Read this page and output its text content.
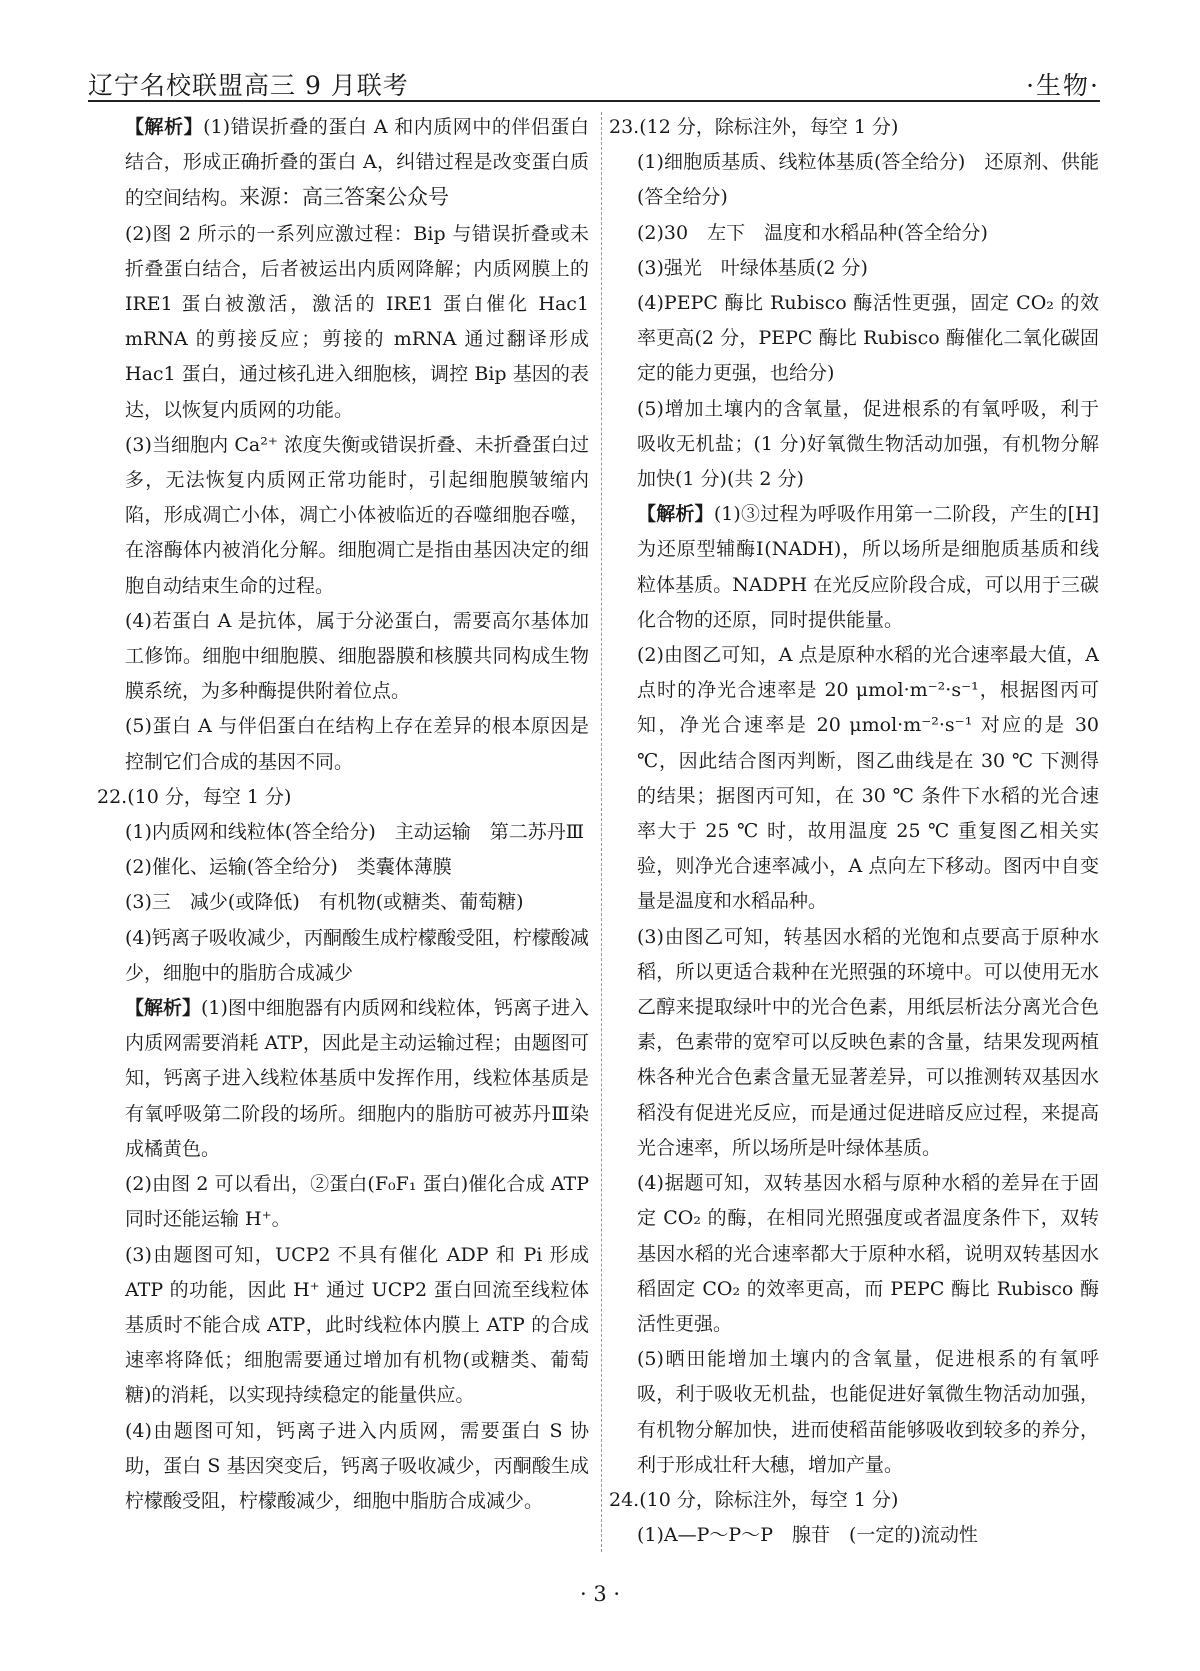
辽宁名校联盟高三 9 月联考	·生物·

【解析】(1)错误折叠的蛋白 A 和内质网中的伴侣蛋白结合，形成正确折叠的蛋白 A，纠错过程是改变蛋白质的空间结构。来源：高三答案公众号

(2)图 2 所示的一系列应激过程：Bip 与错误折叠或未折叠蛋白结合，后者被运出内质网降解；内质网膜上的 IRE1 蛋白被激活，激活的 IRE1 蛋白催化 Hac1 mRNA 的剪接反应；剪接的 mRNA 通过翻译形成 Hac1 蛋白，通过核孔进入细胞核，调控 Bip 基因的表达，以恢复内质网的功能。

(3)当细胞内 Ca²⁺ 浓度失衡或错误折叠、未折叠蛋白过多，无法恢复内质网正常功能时，引起细胞膜皱缩内陷，形成凋亡小体，凋亡小体被临近的吞噬细胞吞噬，在溶酶体内被消化分解。细胞凋亡是指由基因决定的细胞自动结束生命的过程。

(4)若蛋白 A 是抗体，属于分泌蛋白，需要高尔基体加工修饰。细胞中细胞膜、细胞器膜和核膜共同构成生物膜系统，为多种酶提供附着位点。

(5)蛋白 A 与伴侣蛋白在结构上存在差异的根本原因是控制它们合成的基因不同。

22.(10 分，每空 1 分)

(1)内质网和线粒体(答全给分)　主动运输　第二苏丹Ⅲ

(2)催化、运输(答全给分)　类囊体薄膜

(3)三　减少(或降低)　有机物(或糖类、葡萄糖)

(4)钙离子吸收减少，丙酮酸生成柠檬酸受阻，柠檬酸减少，细胞中的脂肪合成减少

【解析】(1)图中细胞器有内质网和线粒体，钙离子进入内质网需要消耗 ATP，因此是主动运输过程；由题图可知，钙离子进入线粒体基质中发挥作用，线粒体基质是有氧呼吸第二阶段的场所。细胞内的脂肪可被苏丹Ⅲ染成橘黄色。

(2)由图 2 可以看出，②蛋白(F₀F₁ 蛋白)催化合成 ATP 同时还能运输 H⁺。

(3)由题图可知，UCP2 不具有催化 ADP 和 Pi 形成 ATP 的功能，因此 H⁺ 通过 UCP2 蛋白回流至线粒体基质时不能合成 ATP，此时线粒体内膜上 ATP 的合成速率将降低；细胞需要通过增加有机物(或糖类、葡萄糖)的消耗，以实现持续稳定的能量供应。

(4)由题图可知，钙离子进入内质网，需要蛋白 S 协助，蛋白 S 基因突变后，钙离子吸收减少，丙酮酸生成柠檬酸受阻，柠檬酸减少，细胞中脂肪合成减少。

23.(12 分，除标注外，每空 1 分)

(1)细胞质基质、线粒体基质(答全给分)　还原剂、供能(答全给分)

(2)30　左下　温度和水稻品种(答全给分)

(3)强光　叶绿体基质(2 分)

(4)PEPC 酶比 Rubisco 酶活性更强，固定 CO₂ 的效率更高(2 分，PEPC 酶比 Rubisco 酶催化二氧化碳固定的能力更强，也给分)

(5)增加土壤内的含氧量，促进根系的有氧呼吸，利于吸收无机盐；(1 分)好氧微生物活动加强，有机物分解加快(1 分)(共 2 分)

【解析】(1)③过程为呼吸作用第一二阶段，产生的[H]为还原型辅酶Ⅰ(NADH)，所以场所是细胞质基质和线粒体基质。NADPH 在光反应阶段合成，可以用于三碳化合物的还原，同时提供能量。

(2)由图乙可知，A 点是原种水稻的光合速率最大值，A 点时的净光合速率是 20 μmol·m⁻²·s⁻¹，根据图丙可知，净光合速率是 20 μmol·m⁻²·s⁻¹ 对应的是 30 ℃，因此结合图丙判断，图乙曲线是在 30 ℃ 下测得的结果；据图丙可知，在 30 ℃ 条件下水稻的光合速率大于 25 ℃ 时，故用温度 25 ℃ 重复图乙相关实验，则净光合速率减小，A 点向左下移动。图丙中自变量是温度和水稻品种。

(3)由图乙可知，转基因水稻的光饱和点要高于原种水稻，所以更适合栽种在光照强的环境中。可以使用无水乙醇来提取绿叶中的光合色素，用纸层析法分离光合色素，色素带的宽窄可以反映色素的含量，结果发现两植株各种光合色素含量无显著差异，可以推测转双基因水稻没有促进光反应，而是通过促进暗反应过程，来提高光合速率，所以场所是叶绿体基质。

(4)据题可知，双转基因水稻与原种水稻的差异在于固定 CO₂ 的酶，在相同光照强度或者温度条件下，双转基因水稻的光合速率都大于原种水稻，说明双转基因水稻固定 CO₂ 的效率更高，而 PEPC 酶比 Rubisco 酶活性更强。

(5)晒田能增加土壤内的含氧量，促进根系的有氧呼吸，利于吸收无机盐，也能促进好氧微生物活动加强，有机物分解加快，进而使稻苗能够吸收到较多的养分，利于形成壮秆大穗，增加产量。

24.(10 分，除标注外，每空 1 分)

(1)A—P～P～P　腺苷　(一定的)流动性

· 3 ·
